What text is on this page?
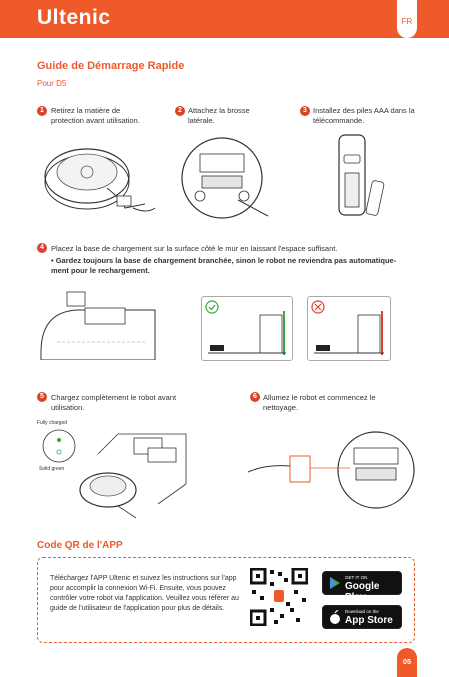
Ultenic	FR
Guide de Démarrage Rapide
Pour D5
1 Retirez la matière de protection avant utilisation.
2 Attachez la brosse latérale.
3 Installez des piles AAA dans la télécommande.
4 Placez la base de chargement sur la surface côté le mur en laissant l'espace suffisant.
• Gardez toujours la base de chargement branchée, sinon le robot ne reviendra pas automatique- ment pour le rechargement.
5 Chargez complètement le robot avant utilisation.
Fully charged
Solid green
6 Allumez le robot et commencez le nettoyage.
Code QR de l'APP
Téléchargez l'APP Ultenic et suivez les instructions sur l'app pour accomplir la connexion Wi-Fi. Ensuite, vous pouvez contrôler votre robot via l'application. Veuillez vous référer au guide de l'utilisateur de l'application pour plus de détails.
GET IT ON
Google Play
Download on the
App Store
05
